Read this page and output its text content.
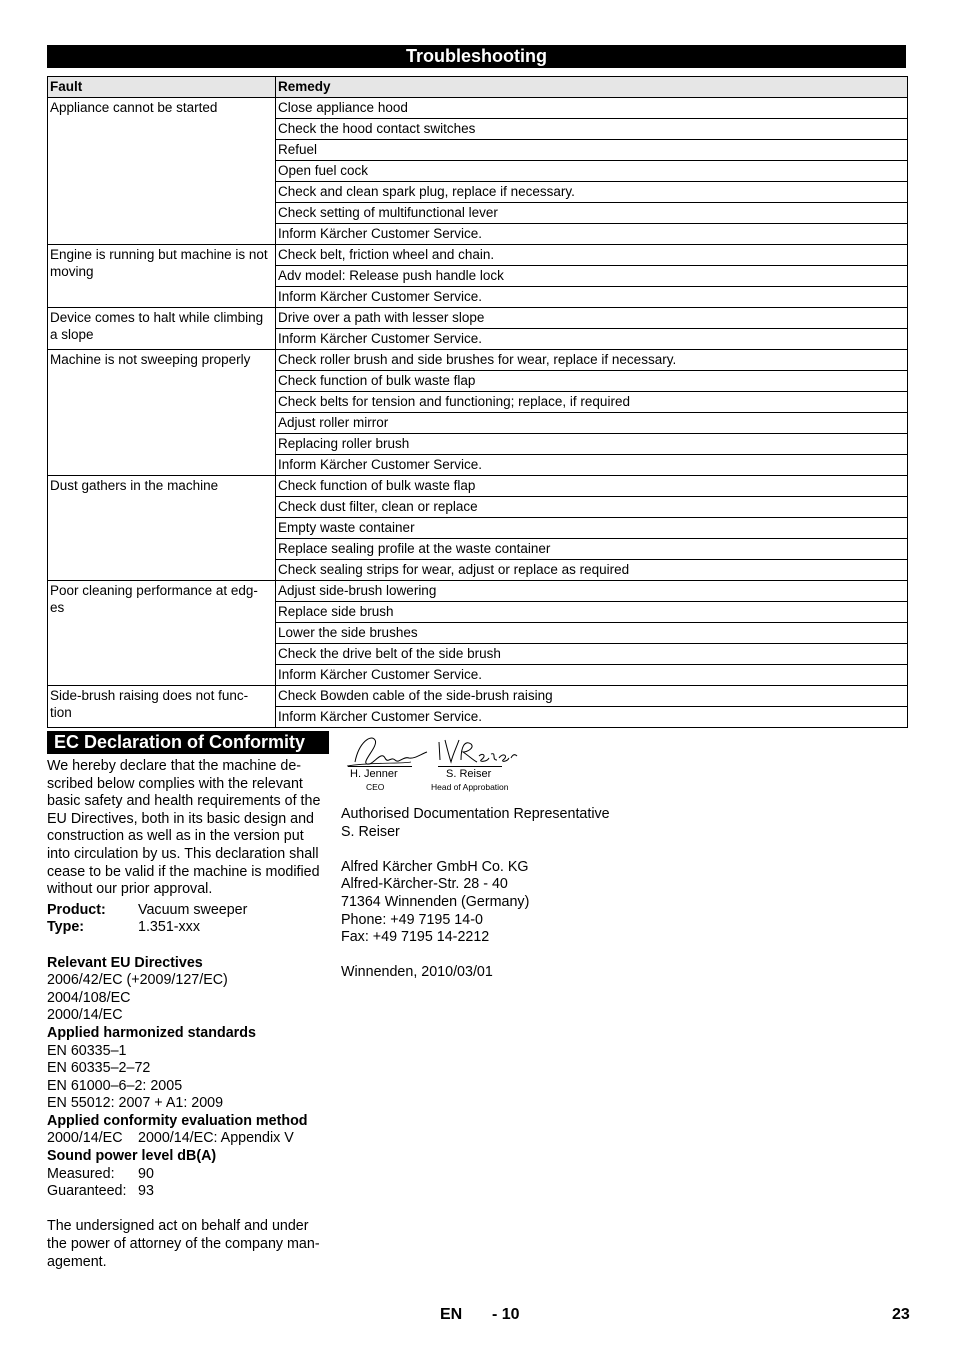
Troubleshooting
Fault	Remedy
Appliance cannot be started	Close appliance hood
	Check the hood contact switches
	Refuel
	Open fuel cock
	Check and clean spark plug, replace if necessary.
	Check setting of multifunctional lever
	Inform Kärcher Customer Service.
Engine is running but machine is not moving	Check belt, friction wheel and chain.
	Adv model: Release push handle lock
	Inform Kärcher Customer Service.
Device comes to halt while climbing a slope	Drive over a path with lesser slope
	Inform Kärcher Customer Service.
Machine is not sweeping properly	Check roller brush and side brushes for wear, replace if necessary.
	Check function of bulk waste flap
	Check belts for tension and functioning; replace, if required
	Adjust roller mirror
	Replacing roller brush
	Inform Kärcher Customer Service.
Dust gathers in the machine	Check function of bulk waste flap
	Check dust filter, clean or replace
	Empty waste container
	Replace sealing profile at the waste container
	Check sealing strips for wear, adjust or replace as required
Poor cleaning performance at edg-
es	Adjust side-brush lowering
	Replace side brush
	Lower the side brushes
	Check the drive belt of the side brush
	Inform Kärcher Customer Service.
Side-brush raising does not func-
tion	Check Bowden cable of the side-brush raising
	Inform Kärcher Customer Service.
EC Declaration of Conformity

We hereby declare that the machine de-
scribed below complies with the relevant
basic safety and health requirements of the
EU Directives, both in its basic design and
construction as well as in the version put
into circulation by us. This declaration shall
cease to be valid if the machine is modified
without our prior approval.

Product:	Vacuum sweeper
Type:	1.351-xxx

Relevant EU Directives

2006/42/EC (+2009/127/EC)

2004/108/EC

2000/14/EC

Applied harmonized standards

EN 60335–1

EN 60335–2–72

EN 61000–6–2: 2005

EN 55012: 2007 + A1: 2009

Applied conformity evaluation method

2000/14/EC	2000/14/EC: Appendix V

Sound power level dB(A)

Measured:	90
Guaranteed: 93

The undersigned act on behalf and under
the power of attorney of the company man-
agement.

H. Jenner
CEO
S. Reiser
Head of Approbation

Authorised Documentation Representative

S. Reiser

Alfred Kärcher GmbH Co. KG

Alfred-Kärcher-Str. 28 - 40

71364 Winnenden (Germany)

Phone: +49 7195 14-0

Fax: +49 7195 14-2212

Winnenden, 2010/03/01

EN - 10	23
